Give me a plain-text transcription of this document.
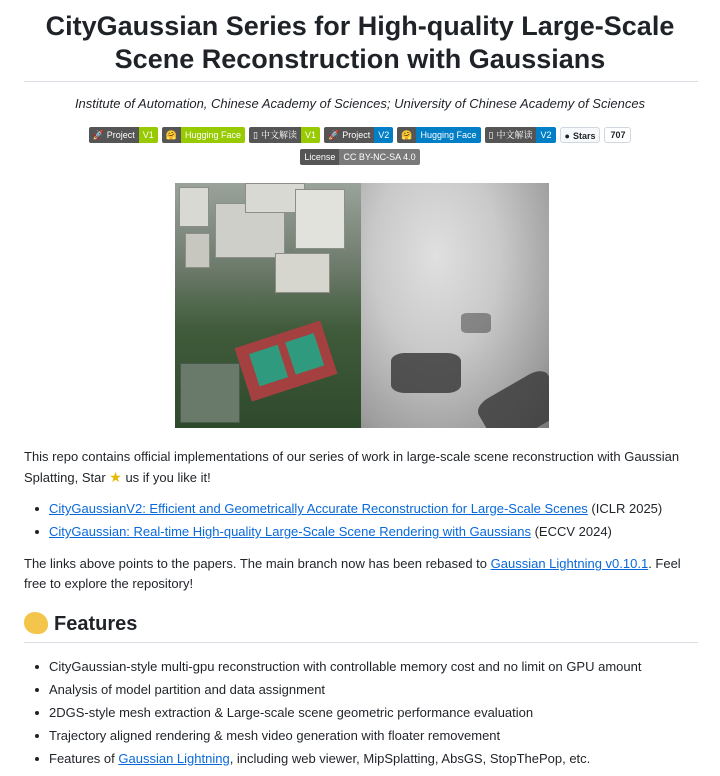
CityGaussian Series for High-quality Large-Scale Scene Reconstruction with Gaussians
Institute of Automation, Chinese Academy of Sciences; University of Chinese Academy of Sciences
🚀 Project V1 🤗 Hugging Face ▯ 中文解读 V1 🚀 Project V2 🤗 Hugging Face ▯ 中文解读 V2 ● Stars 707
License CC BY-NC-SA 4.0
This repo contains official implementations of our series of work in large-scale scene reconstruction with Gaussian Splatting, Star ★ us if you like it!
CityGaussianV2: Efficient and Geometrically Accurate Reconstruction for Large-Scale Scenes (ICLR 2025)
CityGaussian: Real-time High-quality Large-Scale Scene Rendering with Gaussians (ECCV 2024)
The links above points to the papers. The main branch now has been rebased to Gaussian Lightning v0.10.1. Feel free to explore the repository!
Features
CityGaussian-style multi-gpu reconstruction with controllable memory cost and no limit on GPU amount
Analysis of model partition and data assignment
2DGS-style mesh extraction & Large-scale scene geometric performance evaluation
Trajectory aligned rendering & mesh video generation with floater removement
Features of Gaussian Lightning, including web viewer, MipSplatting, AbsGS, StopThePop, etc.
